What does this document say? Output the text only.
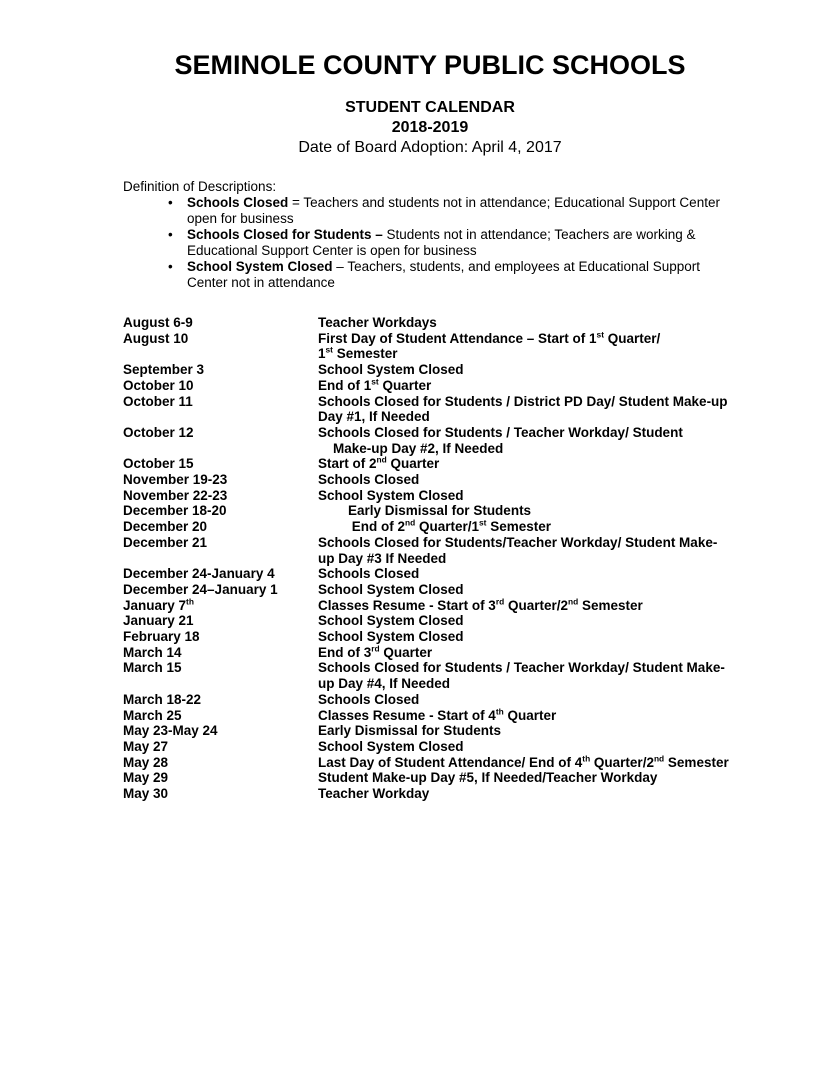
SEMINOLE COUNTY PUBLIC SCHOOLS
STUDENT CALENDAR
2018-2019
Date of Board Adoption: April 4, 2017
Definition of Descriptions:
•	Schools Closed = Teachers and students not in attendance; Educational Support Center
open for business
•	Schools Closed for Students – Students not in attendance; Teachers are working &
Educational Support Center is open for business
•	School System Closed – Teachers, students, and employees at Educational Support
Center not in attendance
August 6-9	Teacher Workdays
August 10	First Day of Student Attendance – Start of 1st Quarter/
1st Semester
September 3	School System Closed
October 10	End of 1st Quarter
October 11	Schools Closed for Students / District PD Day/ Student Make-up
Day #1, If Needed
October 12	Schools Closed for Students / Teacher Workday/ Student
Make-up Day #2, If Needed
October 15	Start of 2nd Quarter
November 19-23	Schools Closed
November 22-23	School System Closed
December 18-20	Early Dismissal for Students
December 20	End of 2nd Quarter/1st Semester
December 21	Schools Closed for Students/Teacher Workday/ Student Make-
up Day #3 If Needed
December 24-January 4	Schools Closed
December 24–January 1	School System Closed
January 7th	Classes Resume - Start of 3rd Quarter/2nd Semester
January 21	School System Closed
February 18	School System Closed
March 14	End of 3rd Quarter
March 15	Schools Closed for Students / Teacher Workday/ Student Make-
up Day #4, If Needed
March 18-22	Schools Closed
March 25	Classes Resume - Start of 4th Quarter
May 23-May 24	Early Dismissal for Students
May 27	School System Closed
May 28	Last Day of Student Attendance/ End of 4th Quarter/2nd Semester
May 29	Student Make-up Day #5, If Needed/Teacher Workday
May 30	Teacher Workday
